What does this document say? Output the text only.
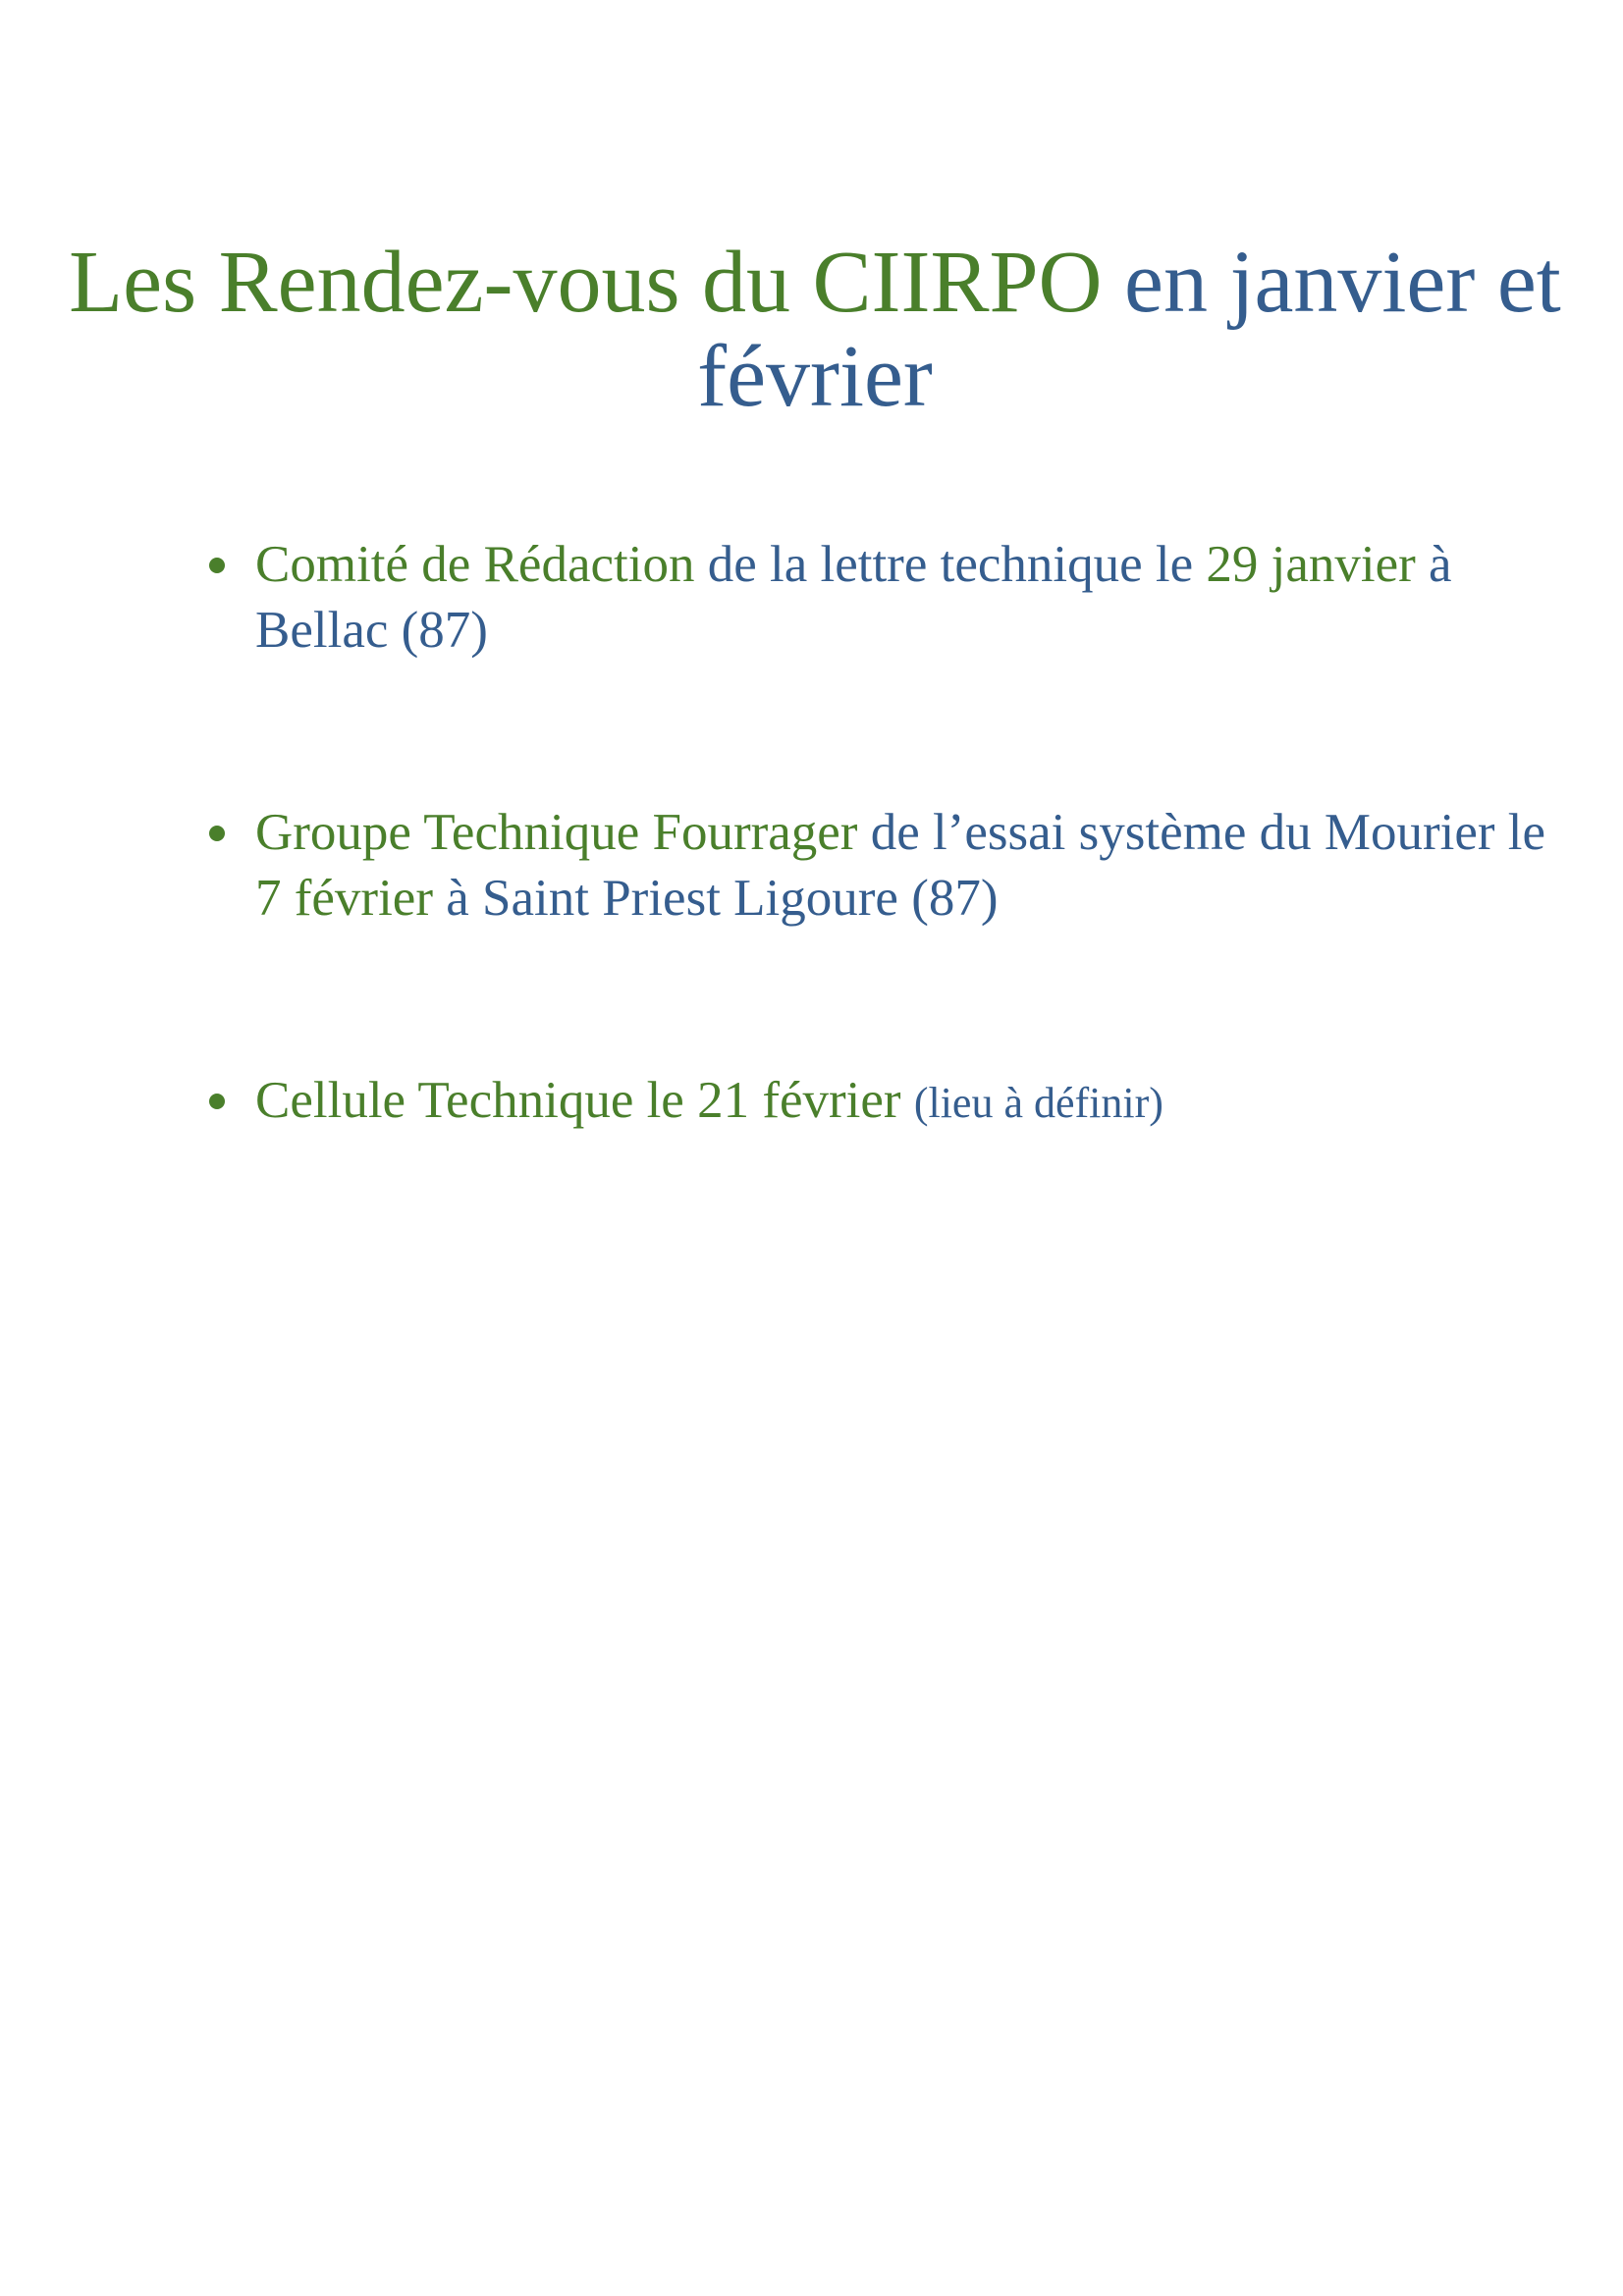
Les Rendez-vous du CIIRPO en janvier et février
Comité de Rédaction de la lettre technique le 29 janvier à Bellac (87)
Groupe Technique Fourrager de l’essai système du Mourier le 7 février à Saint Priest Ligoure (87)
Cellule Technique le 21 février (lieu à définir)
